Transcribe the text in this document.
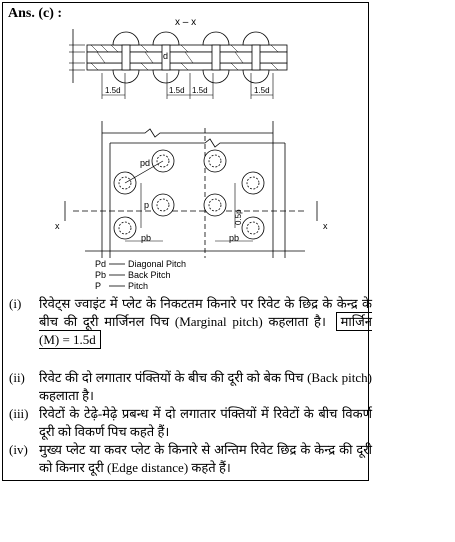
Ans. (c) :
x – x
d
1.5d	1.5d 1.5d	1.5d
pd
p
pb	pb
0.5p
x	x
Pd Diagonal Pitch
Pb Back Pitch
P	Pitch
(i) रिवेट्स ज्वाइंट में प्लेट के निकटतम किनारे पर रिवेट के छिद्र के केन्द्र के बीच की दूरी मार्जिनल पिच (Marginal pitch) कहलाता है। मार्जिन (M) = 1.5d
(ii) रिवेट की दो लगातार पंक्तियों के बीच की दूरी को बेक पिच (Back pitch) कहलाता है।
(iii) रिवेटों के टेढ़े-मेढ़े प्रबन्ध में दो लगातार पंक्तियों में रिवेटों के बीच विकर्ण दूरी को विकर्ण पिच कहते हैं।
(iv) मुख्य प्लेट या कवर प्लेट के किनारे से अन्तिम रिवेट छिद्र के केन्द्र की दूरी को किनार दूरी (Edge distance) कहते हैं।
